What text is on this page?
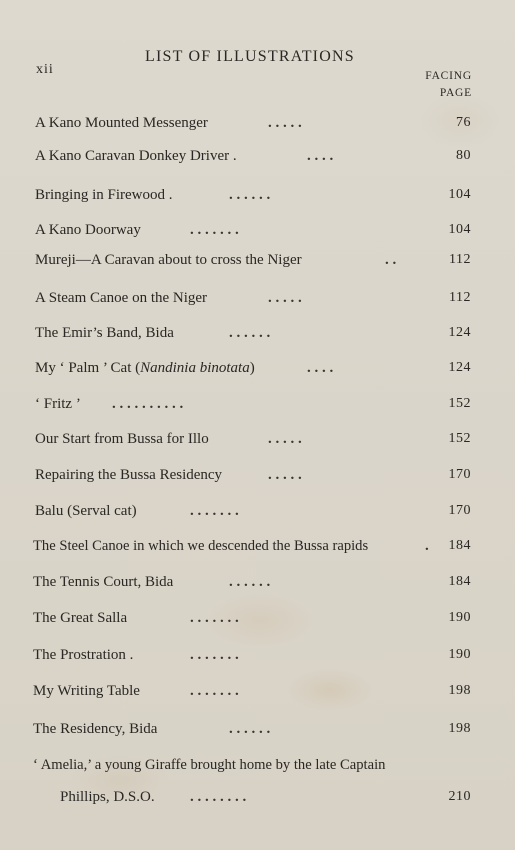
xii
LIST OF ILLUSTRATIONS
FACING
PAGE
A Kano Mounted Messenger	. . . . .	76
A Kano Caravan Donkey Driver .	. . . .	80
Bringing in Firewood .	. . . . . .	104
A Kano Doorway	. . . . . . .	104
Mureji—A Caravan about to cross the Niger	. .	112
A Steam Canoe on the Niger	. . . . .	112
The Emir’s Band, Bida	. . . . . .	124
My ‘ Palm ’ Cat (Nandinia binotata)	. . . .	124
‘ Fritz ’ . . . . . . . . . .	152
Our Start from Bussa for Illo	. . . . .	152
Repairing the Bussa Residency	. . . . .	170
Balu (Serval cat)	. . . . . . .	170
The Steel Canoe in which we descended the Bussa rapids	. 184
The Tennis Court, Bida	. . . . . .	184
The Great Salla	. . . . . . .	190
The Prostration .	. . . . . . .	190
My Writing Table	. . . . . . .	198
The Residency, Bida	. . . . . .	198
‘ Amelia,’ a young Giraffe brought home by the late Captain
Phillips, D.S.O. . . . . . . . .	210
